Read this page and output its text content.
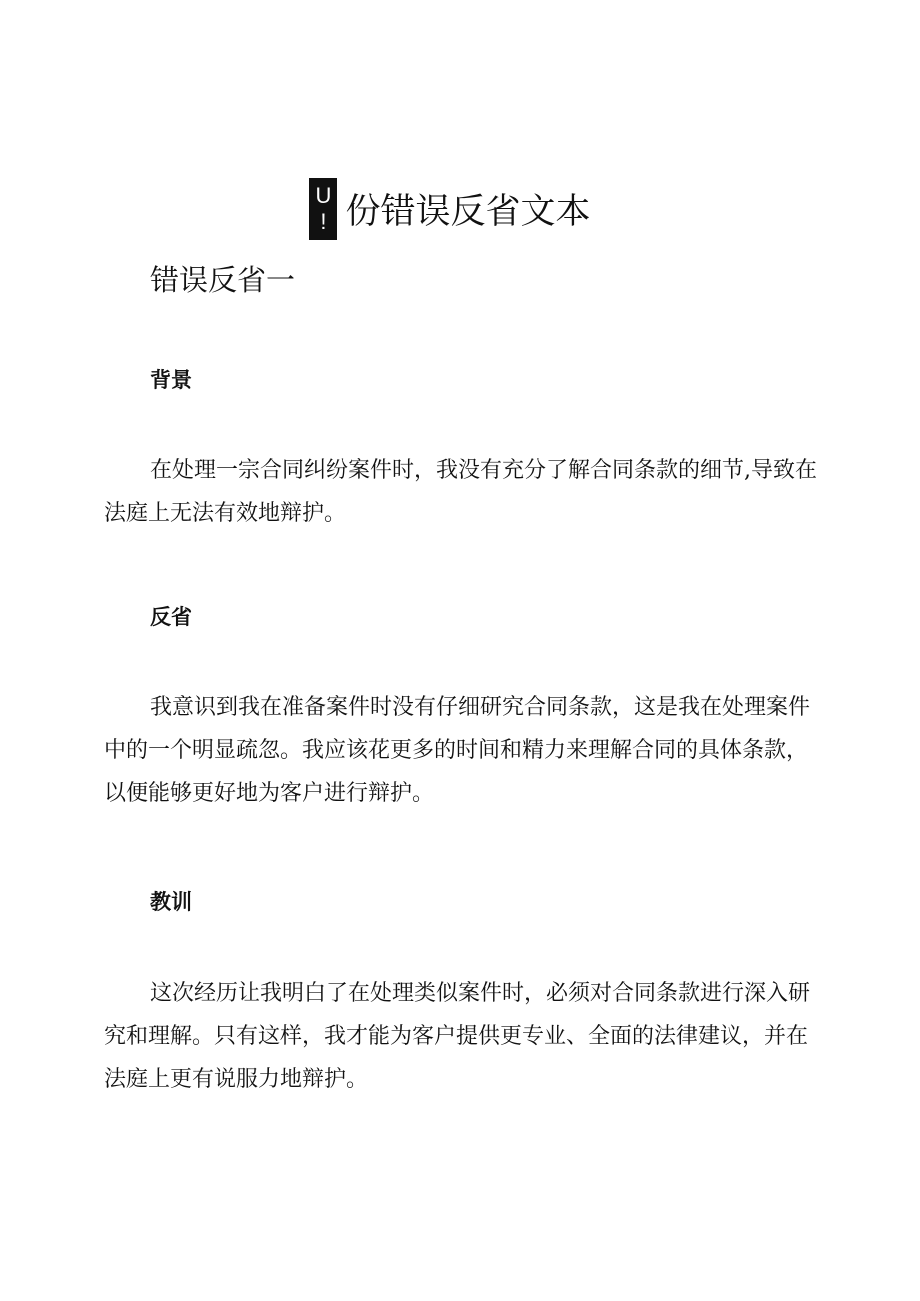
U
! 份错误反省文本
错误反省一
背景

在处理一宗合同纠纷案件时，我没有充分了解合同条款的细节,导致在法庭上无法有效地辩护。

反省

我意识到我在准备案件时没有仔细研究合同条款，这是我在处理案件中的一个明显疏忽。我应该花更多的时间和精力来理解合同的具体条款，以便能够更好地为客户进行辩护。

教训

这次经历让我明白了在处理类似案件时，必须对合同条款进行深入研究和理解。只有这样，我才能为客户提供更专业、全面的法律建议，并在法庭上更有说服力地辩护。
